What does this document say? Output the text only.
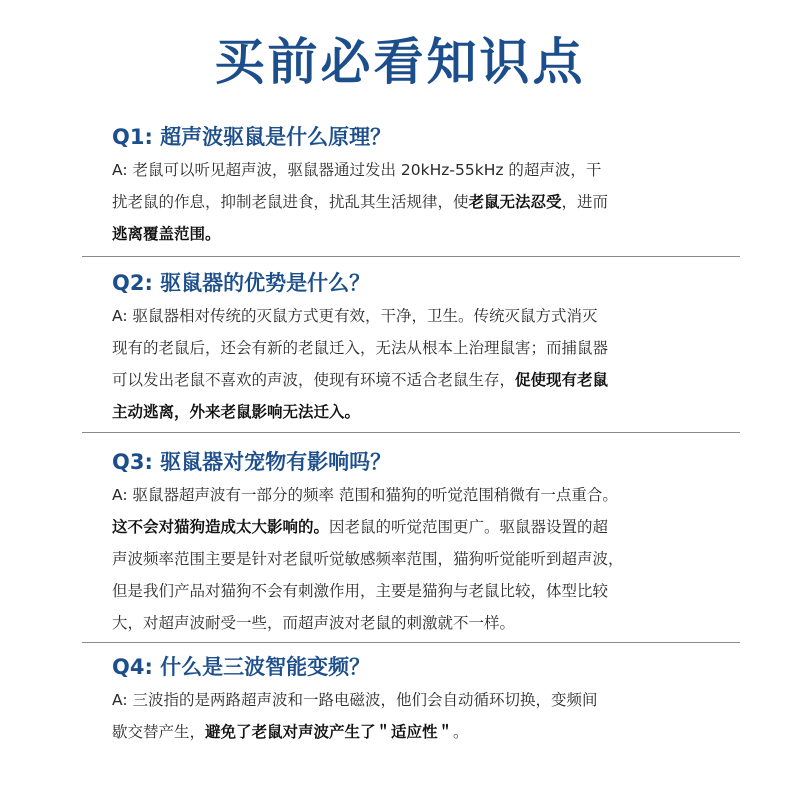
买前必看知识点
Q1: 超声波驱鼠是什么原理？
A: 老鼠可以听见超声波，驱鼠器通过发出 20kHz-55kHz 的超声波，干
扰老鼠的作息，抑制老鼠进食，扰乱其生活规律，使老鼠无法忍受，进而
逃离覆盖范围。
Q2: 驱鼠器的优势是什么？
A: 驱鼠器相对传统的灭鼠方式更有效，干净，卫生。传统灭鼠方式消灭
现有的老鼠后，还会有新的老鼠迁入，无法从根本上治理鼠害；而捕鼠器
可以发出老鼠不喜欢的声波，使现有环境不适合老鼠生存，促使现有老鼠
主动逃离，外来老鼠影响无法迁入。
Q3: 驱鼠器对宠物有影响吗？
A: 驱鼠器超声波有一部分的频率 范围和猫狗的听觉范围稍微有一点重合。
这不会对猫狗造成太大影响的。因老鼠的听觉范围更广。驱鼠器设置的超
声波频率范围主要是针对老鼠听觉敏感频率范围，猫狗听觉能听到超声波，
但是我们产品对猫狗不会有刺激作用，主要是猫狗与老鼠比较，体型比较
大，对超声波耐受一些，而超声波对老鼠的刺激就不一样。
Q4: 什么是三波智能变频？
A: 三波指的是两路超声波和一路电磁波，他们会自动循环切换，变频间
歇交替产生，避免了老鼠对声波产生了＂适应性＂。
